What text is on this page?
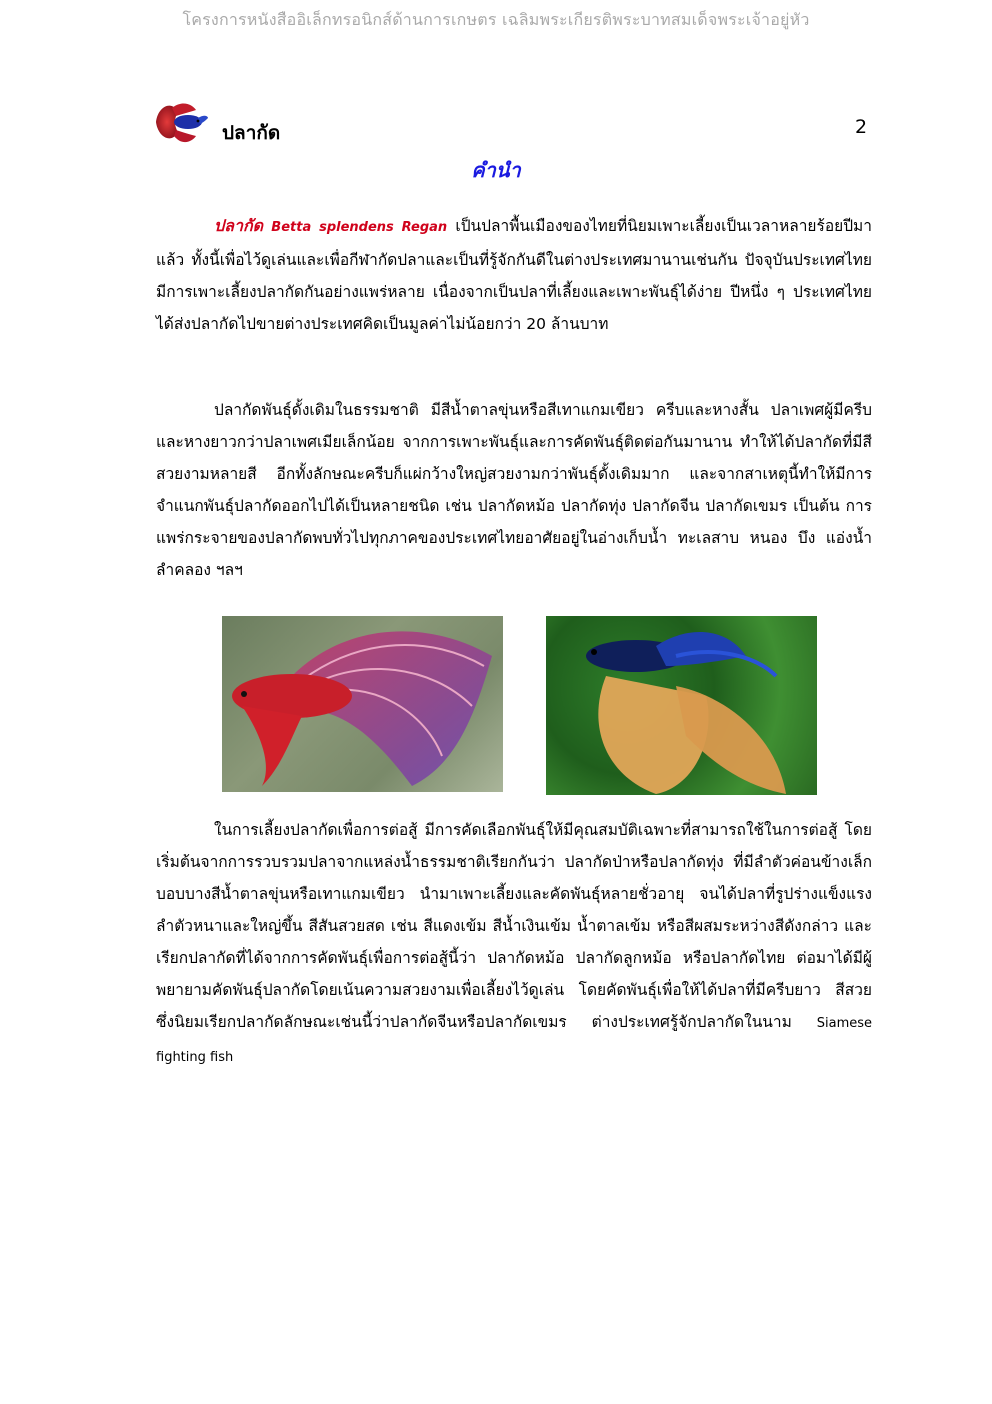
โครงการหนังสืออิเล็กทรอนิกส์ด้านการเกษตร เฉลิมพระเกียรติพระบาทสมเด็จพระเจ้าอยู่หัว
ปลากัด	2
คำนำ
ปลากัด Betta splendens Regan เป็นปลาพื้นเมืองของไทยที่นิยมเพาะเลี้ยงเป็นเวลาหลายร้อยปีมาแล้ว ทั้งนี้เพื่อไว้ดูเล่นและเพื่อกีฬากัดปลาและเป็นที่รู้จักกันดีในต่างประเทศมานานเช่นกัน ปัจจุบันประเทศไทยมีการเพาะเลี้ยงปลากัดกันอย่างแพร่หลาย เนื่องจากเป็นปลาที่เลี้ยงและเพาะพันธุ์ได้ง่าย ปีหนึ่ง ๆ ประเทศไทยได้ส่งปลากัดไปขายต่างประเทศคิดเป็นมูลค่าไม่น้อยกว่า 20 ล้านบาท
ปลากัดพันธุ์ดั้งเดิมในธรรมชาติ มีสีน้ำตาลขุ่นหรือสีเทาแกมเขียว ครีบและหางสั้น ปลาเพศผู้มีครีบและหางยาวกว่าปลาเพศเมียเล็กน้อย จากการเพาะพันธุ์และการคัดพันธุ์ติดต่อกันมานาน ทำให้ได้ปลากัดที่มีสีสวยงามหลายสี อีกทั้งลักษณะครีบก็แผ่กว้างใหญ่สวยงามกว่าพันธุ์ดั้งเดิมมาก และจากสาเหตุนี้ทำให้มีการจำแนกพันธุ์ปลากัดออกไปได้เป็นหลายชนิด เช่น ปลากัดหม้อ ปลากัดทุ่ง ปลากัดจีน ปลากัดเขมร เป็นต้น การแพร่กระจายของปลากัดพบทั่วไปทุกภาคของประเทศไทยอาศัยอยู่ในอ่างเก็บน้ำ ทะเลสาบ หนอง บึง แอ่งน้ำ ลำคลอง ฯลฯ
ในการเลี้ยงปลากัดเพื่อการต่อสู้ มีการคัดเลือกพันธุ์ให้มีคุณสมบัติเฉพาะที่สามารถใช้ในการต่อสู้ โดยเริ่มต้นจากการรวบรวมปลาจากแหล่งน้ำธรรมชาติเรียกกันว่า ปลากัดป่าหรือปลากัดทุ่ง ที่มีลำตัวค่อนข้างเล็กบอบบางสีน้ำตาลขุ่นหรือเทาแกมเขียว นำมาเพาะเลี้ยงและคัดพันธุ์หลายชั่วอายุ จนได้ปลาที่รูปร่างแข็งแรง ลำตัวหนาและใหญ่ขึ้น สีสันสวยสด เช่น สีแดงเข้ม สีน้ำเงินเข้ม น้ำตาลเข้ม หรือสีผสมระหว่างสีดังกล่าว และเรียกปลากัดที่ได้จากการคัดพันธุ์เพื่อการต่อสู้นี้ว่า ปลากัดหม้อ ปลากัดลูกหม้อ หรือปลากัดไทย ต่อมาได้มีผู้พยายามคัดพันธุ์ปลากัดโดยเน้นความสวยงามเพื่อเลี้ยงไว้ดูเล่น โดยคัดพันธุ์เพื่อให้ได้ปลาที่มีครีบยาว สีสวย ซึ่งนิยมเรียกปลากัดลักษณะเช่นนี้ว่าปลากัดจีนหรือปลากัดเขมร ต่างประเทศรู้จักปลากัดในนาม Siamese fighting fish
